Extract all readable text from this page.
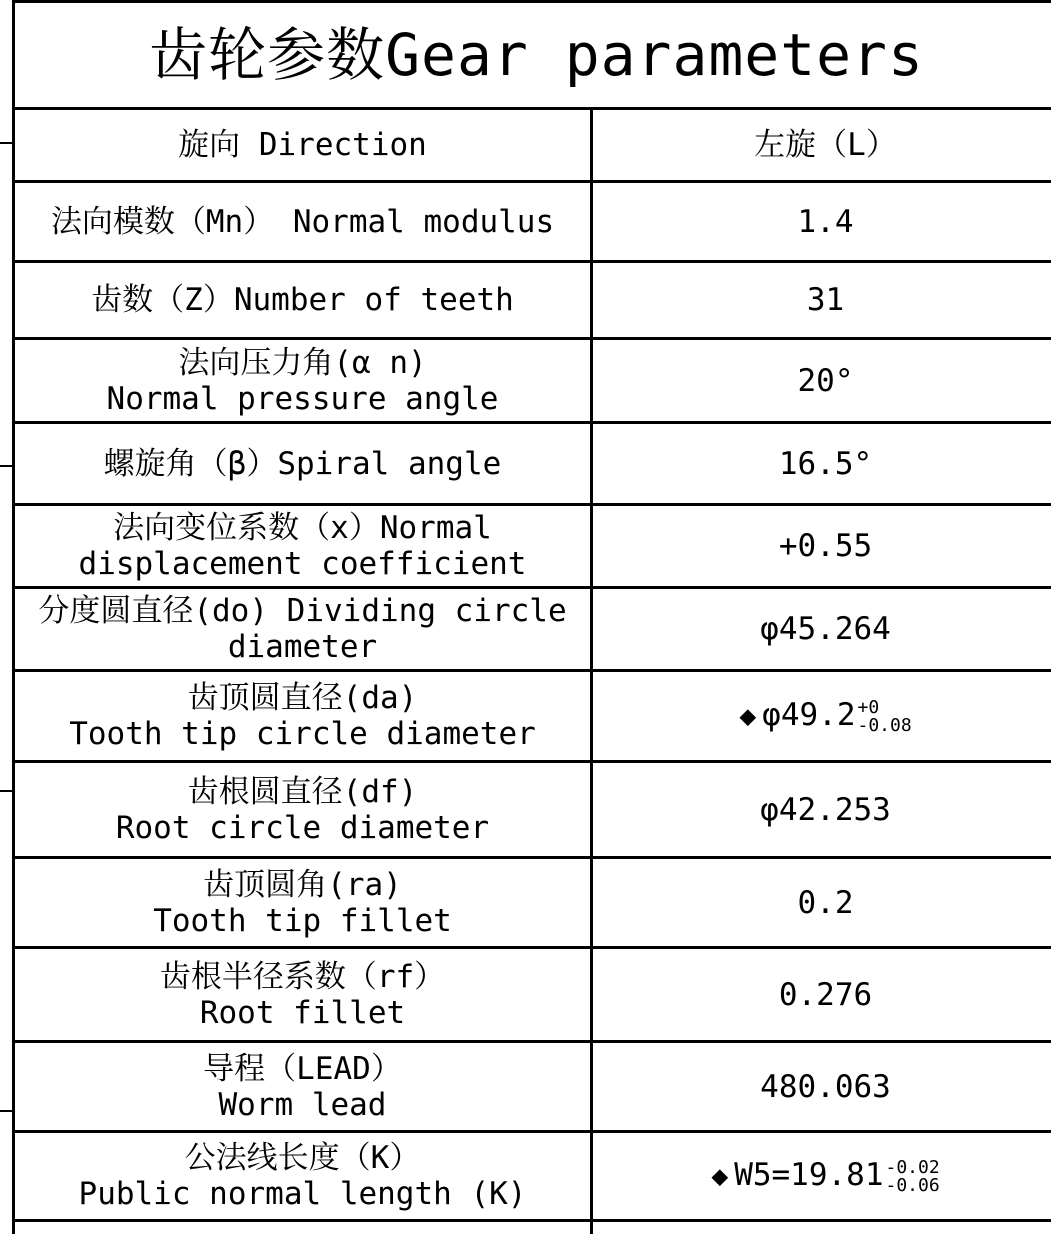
齿轮参数Gear parameters	

旋向 Direction	左旋（L）

法向模数（Mn） Normal modulus	1.4

齿数（Z）Number of teeth	31

法向压力角(α n)
Normal pressure angle	20°

螺旋角（β）Spiral angle	16.5°

法向变位系数（x）Normal
displacement coefficient	+0.55

分度圆直径(do) Dividing circle
diameter	φ45.264

齿顶圆直径(da)
Tooth tip circle diameter	◆ φ49.2 +0
-0.08

齿根圆直径(df)
Root circle diameter	φ42.253

齿顶圆角(ra)
Tooth tip fillet	0.2

齿根半径系数（rf）
Root fillet	0.276

导程（LEAD）
Worm lead	480.063

公法线长度（K）
Public normal length (K)	◆ W5=19.81 -0.02
-0.06
